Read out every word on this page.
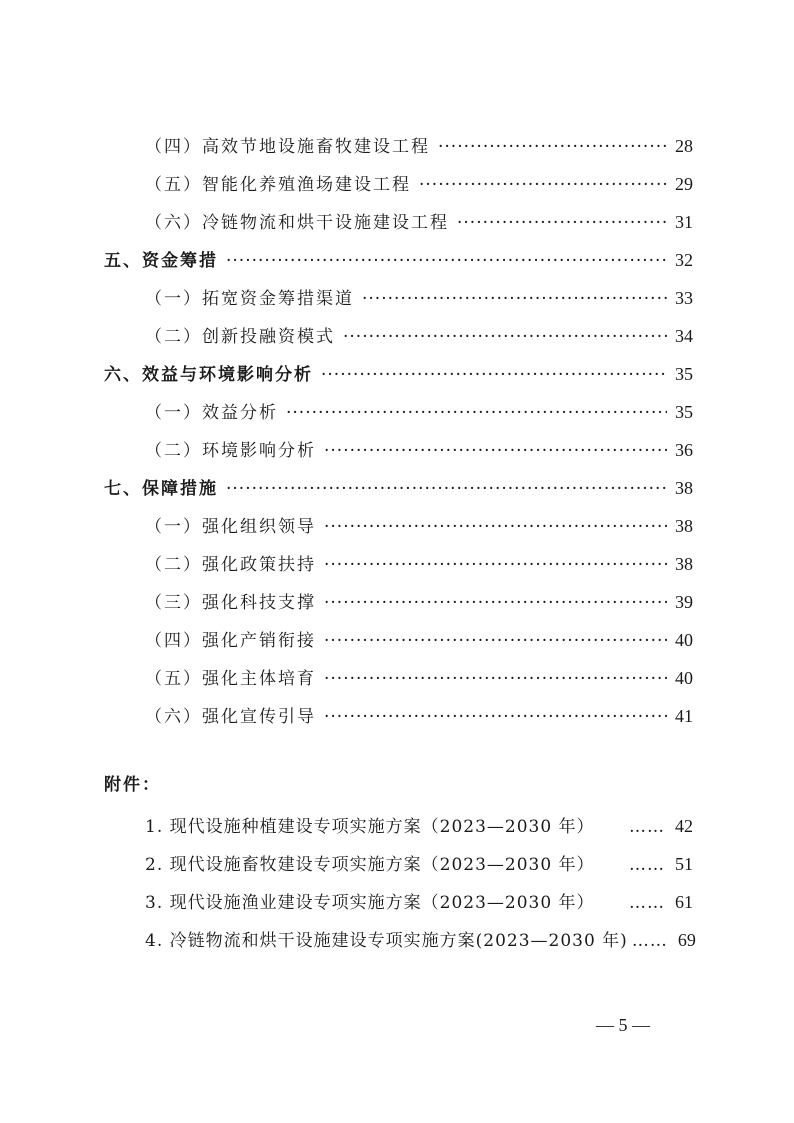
（四）高效节地设施畜牧建设工程 ·····	28
（五）智能化养殖渔场建设工程 ·····	29
（六）冷链物流和烘干设施建设工程 ·····	31
五、资金筹措 ·····	32
（一）拓宽资金筹措渠道 ·····	33
（二）创新投融资模式 ·····	34
六、效益与环境影响分析 ·····	35
（一）效益分析 ·····	35
（二）环境影响分析 ·····	36
七、保障措施 ·····	38
（一）强化组织领导 ·····	38
（二）强化政策扶持 ·····	38
（三）强化科技支撑 ·····	39
（四）强化产销衔接 ·····	40
（五）强化主体培育 ·····	40
（六）强化宣传引导 ·····	41
附件：
1. 现代设施种植建设专项实施方案（2023—2030 年） ……	42
2. 现代设施畜牧建设专项实施方案（2023—2030 年） ……	51
3. 现代设施渔业建设专项实施方案（2023—2030 年） ……	61
4. 冷链物流和烘干设施建设专项实施方案(2023—2030 年) ……	69
— 5 —
